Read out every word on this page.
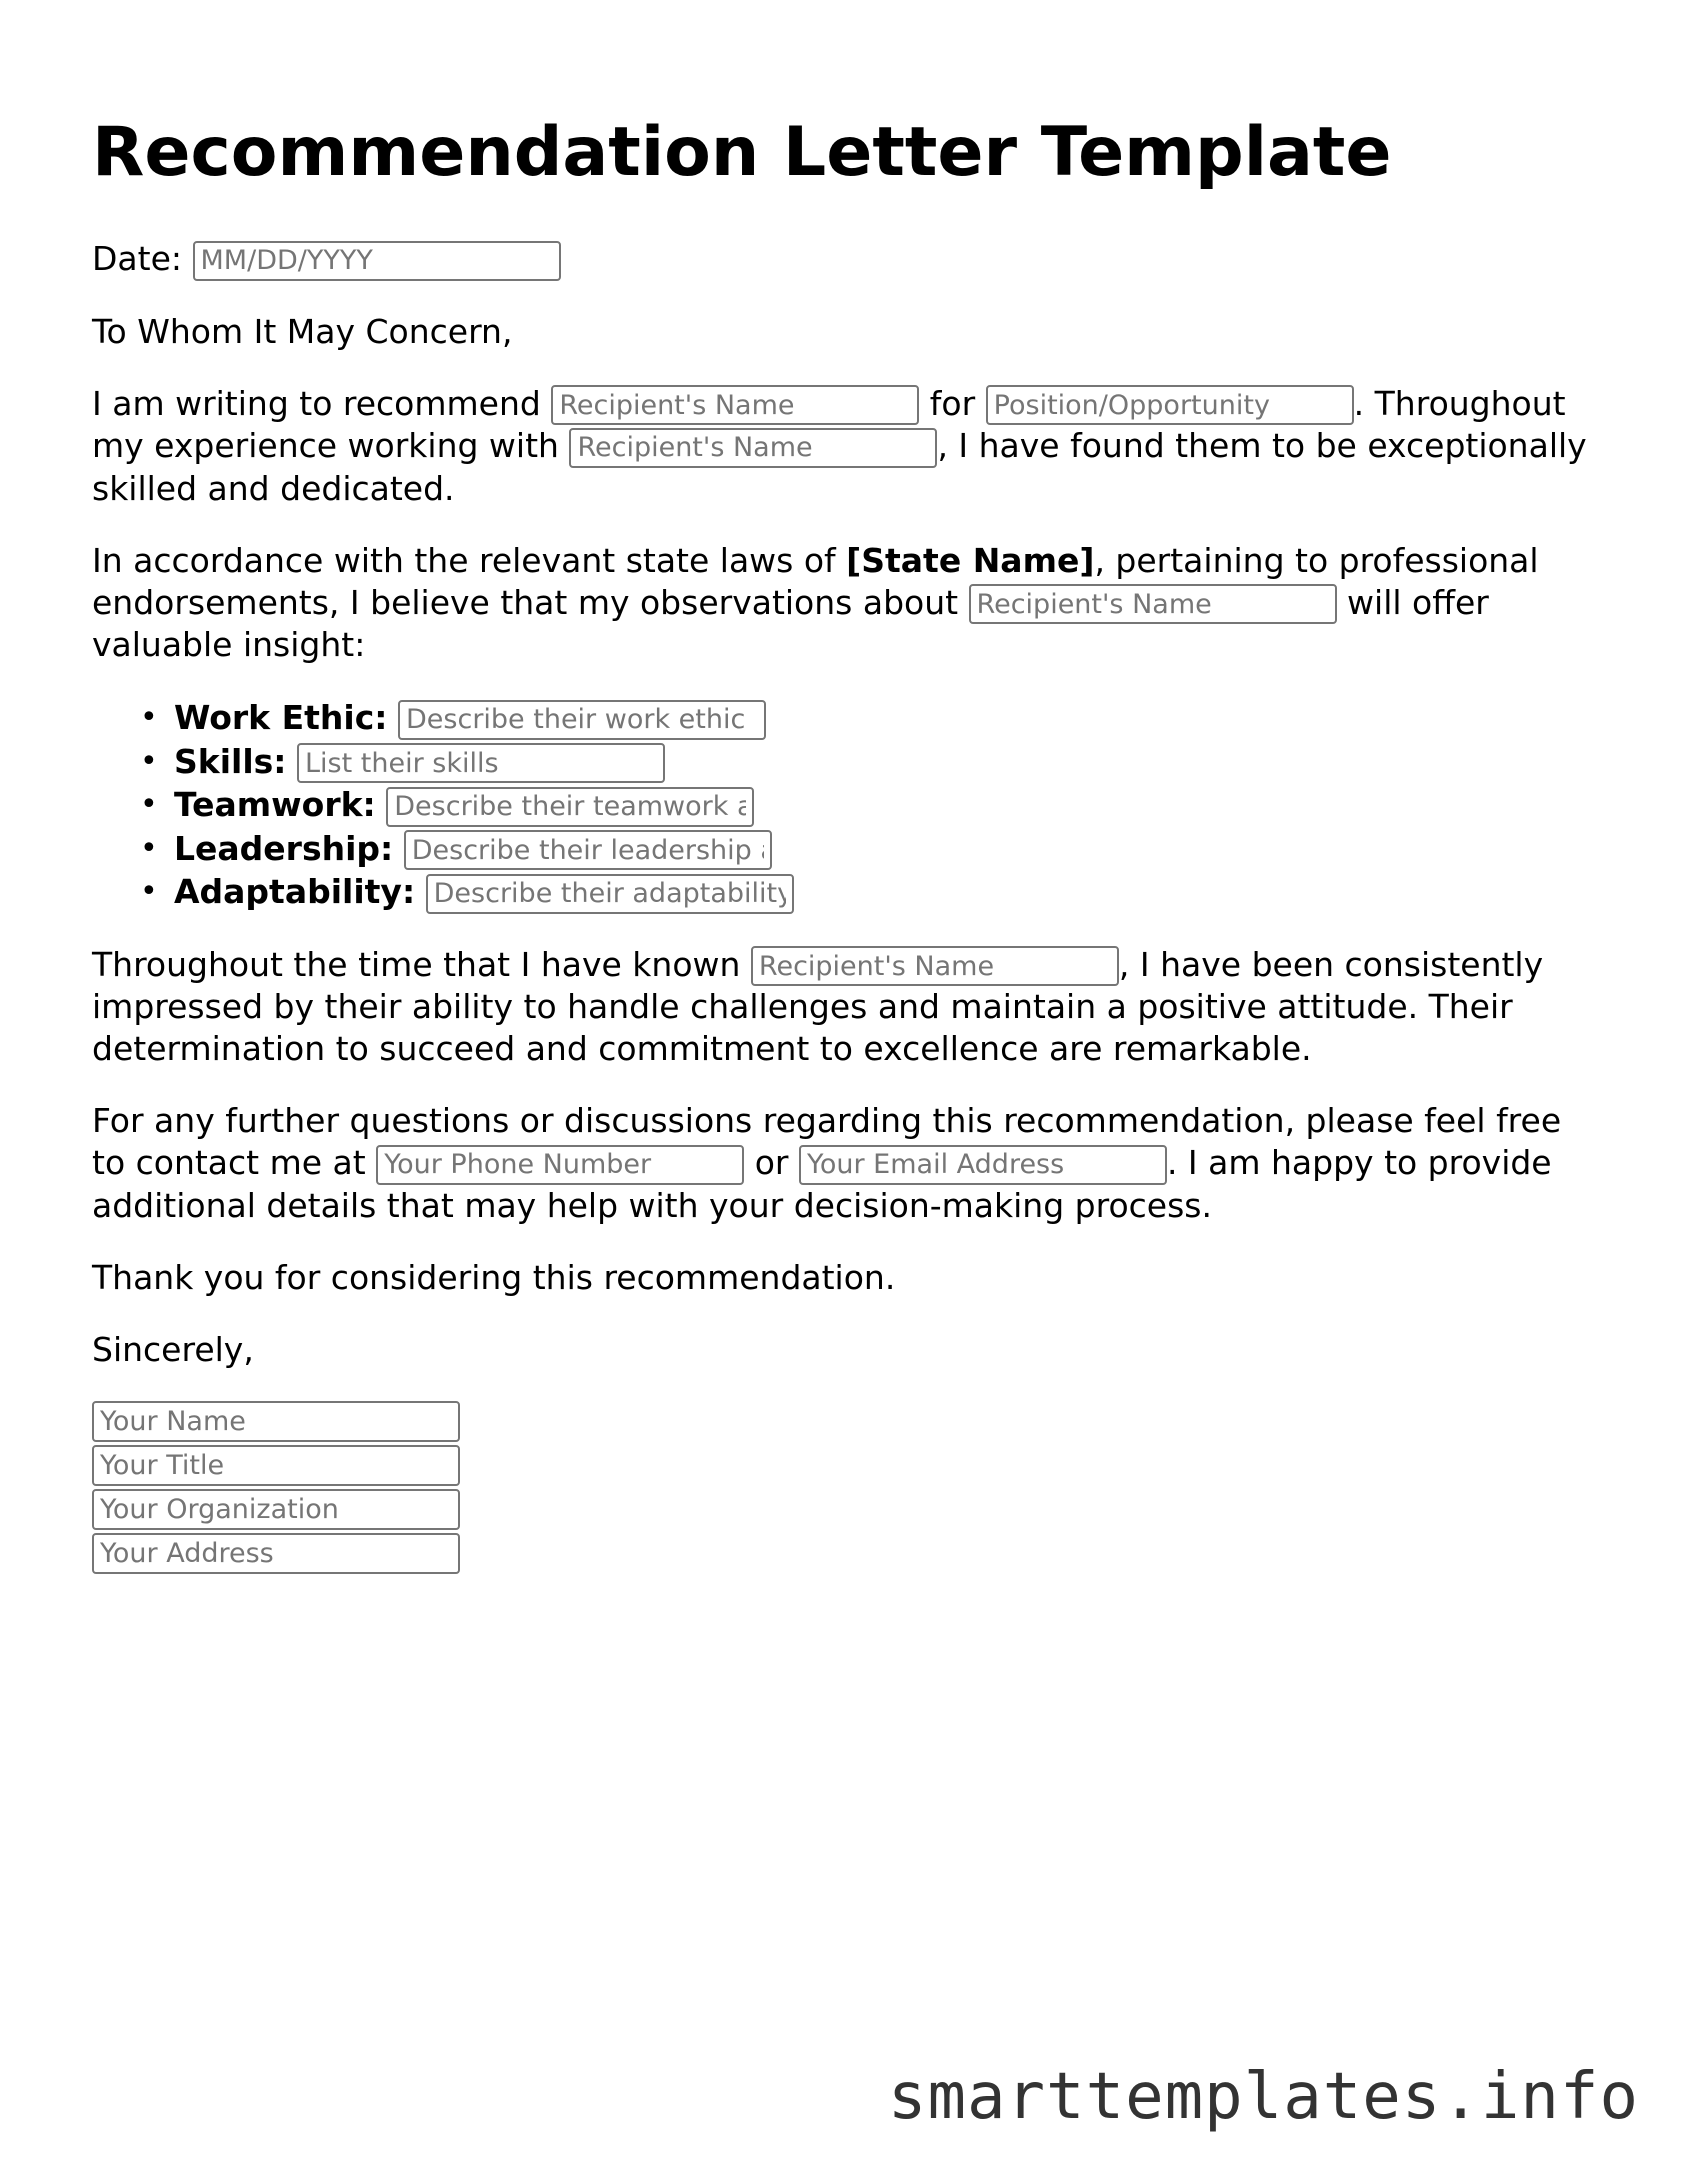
Recommendation Letter Template

Date: MM/DD/YYYY

To Whom It May Concern,

I am writing to recommend Recipient's Name	for Position/Opportunity	. Throughout my experience working with Recipient's Name	, I have found them to be exceptionally skilled and dedicated.

In accordance with the relevant state laws of [State Name], pertaining to professional endorsements, I believe that my observations about Recipient's Name	will offer valuable insight:

• Work Ethic: Describe their work ethic
• Skills: List their skills
• Teamwork: Describe their teamwork abilities
• Leadership: Describe their leadership abilities
• Adaptability: Describe their adaptability

Throughout the time that I have known Recipient's Name	, I have been consistently impressed by their ability to handle challenges and maintain a positive attitude. Their determination to succeed and commitment to excellence are remarkable.

For any further questions or discussions regarding this recommendation, please feel free to contact me at Your Phone Number	or Your Email Address	. I am happy to provide additional details that may help with your decision-making process.

Thank you for considering this recommendation.

Sincerely,

Your Name
Your Title
Your Organization
Your Address
smarttemplates.info
